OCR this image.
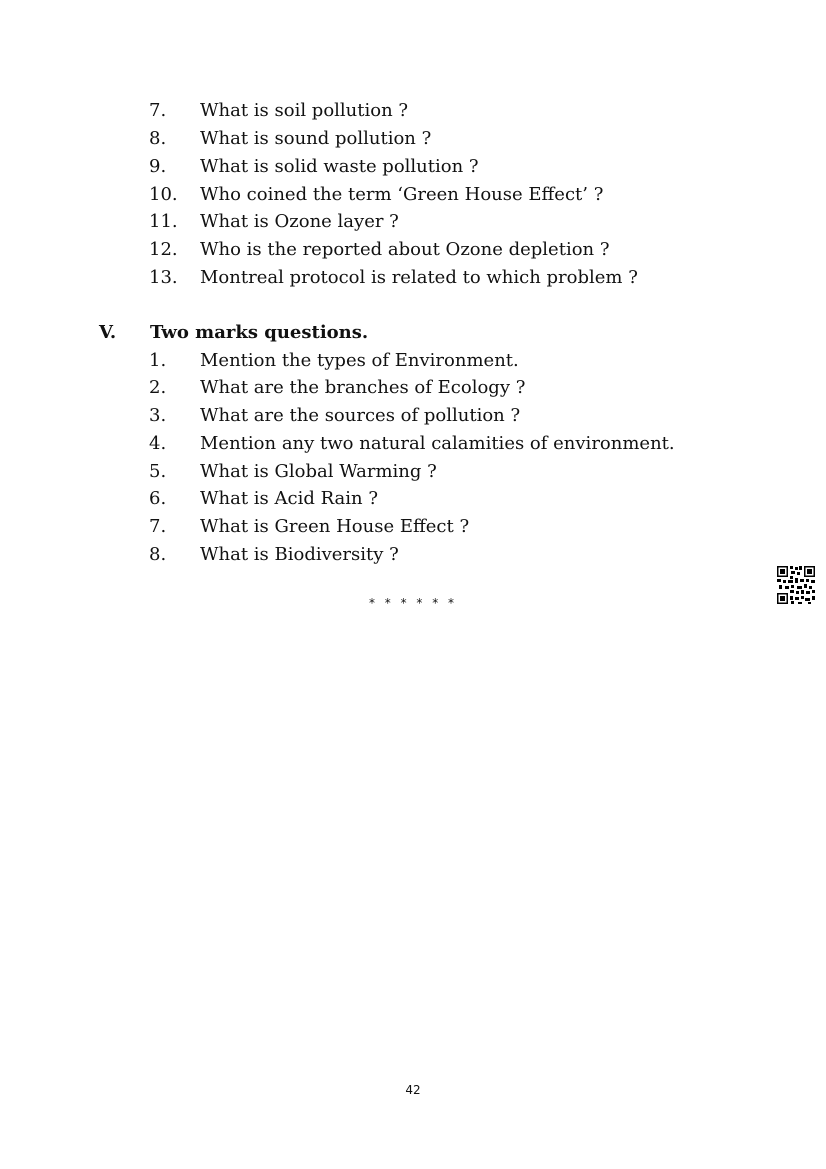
7.	What is soil pollution ?
8.	What is sound pollution ?
9.	What is solid waste pollution ?
10.	Who coined the term ‘Green House Effect’ ?
11.	What is Ozone layer ?
12.	Who is the reported about Ozone depletion ?
13.	Montreal protocol is related to which problem ?
V. Two marks questions.
1.	Mention the types of Environment.
2.	What are the branches of Ecology ?
3.	What are the sources of pollution ?
4.	Mention any two natural calamities of environment.
5.	What is Global Warming ?
6.	What is Acid Rain ?
7.	What is Green House Effect ?
8.	What is Biodiversity ?
* * * * * *
42
